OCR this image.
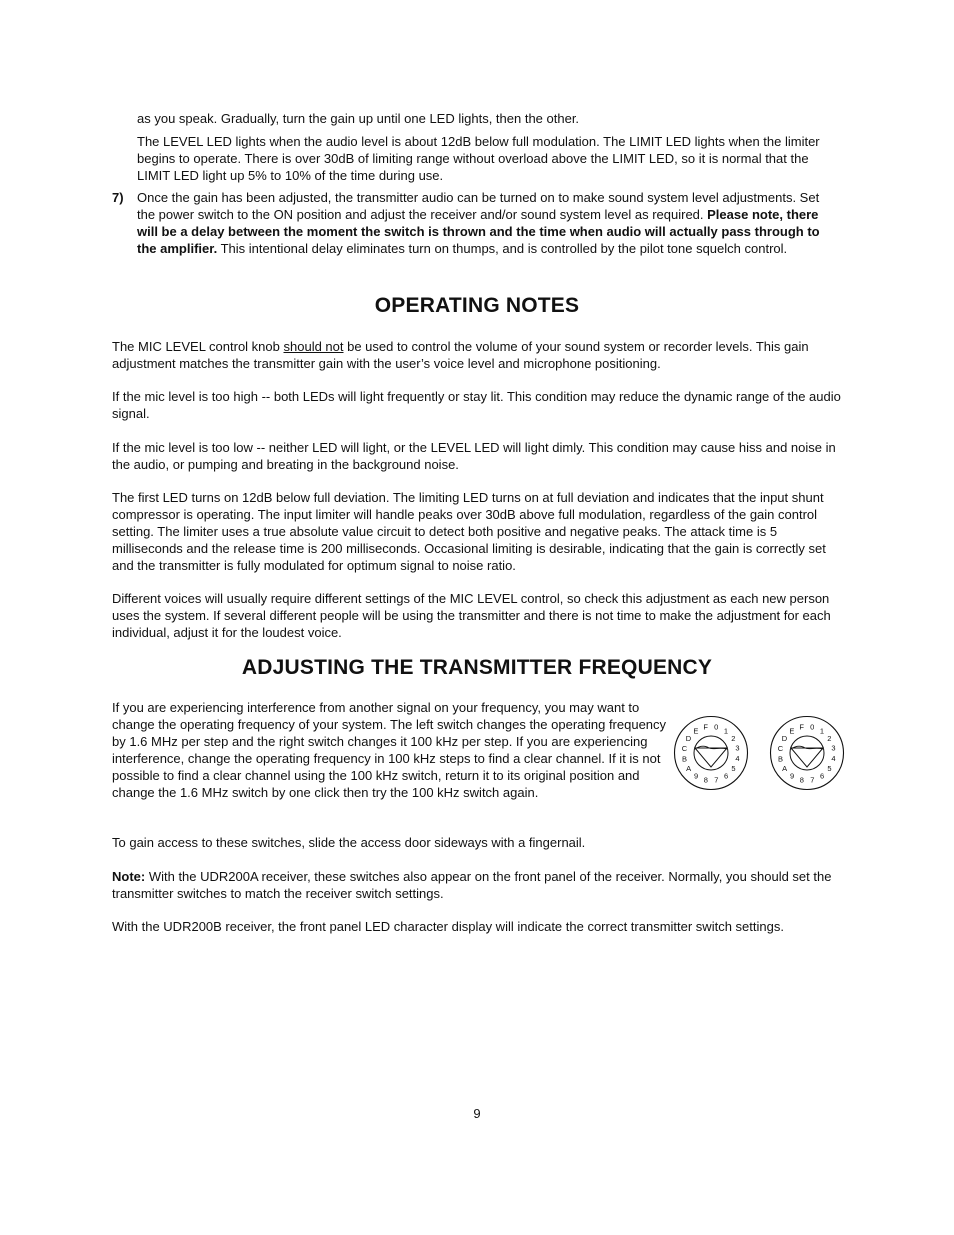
as you speak. Gradually, turn the gain up until one LED lights, then the other.

The LEVEL LED lights when the audio level is about 12dB below full modulation. The LIMIT LED lights when the limiter begins to operate. There is over 30dB of limiting range without overload above the LIMIT LED, so it is normal that the LIMIT LED light up 5% to 10% of the time during use.

7) Once the gain has been adjusted, the transmitter audio can be turned on to make sound system level adjustments. Set the power switch to the ON position and adjust the receiver and/or sound system level as required. Please note, there will be a delay between the moment the switch is thrown and the time when audio will actually pass through to the amplifier. This intentional delay eliminates turn on thumps, and is controlled by the pilot tone squelch control.

OPERATING NOTES

The MIC LEVEL control knob should not be used to control the volume of your sound system or recorder levels. This gain adjustment matches the transmitter gain with the user’s voice level and microphone positioning.

If the mic level is too high -- both LEDs will light frequently or stay lit. This condition may reduce the dynamic range of the audio signal.

If the mic level is too low -- neither LED will light, or the LEVEL LED will light dimly. This condition may cause hiss and noise in the audio, or pumping and breating in the background noise.

The first LED turns on 12dB below full deviation. The limiting LED turns on at full deviation and indicates that the input shunt compressor is operating. The input limiter will handle peaks over 30dB above full modulation, regardless of the gain control setting. The limiter uses a true absolute value circuit to detect both positive and negative peaks. The attack time is 5 milliseconds and the release time is 200 milliseconds. Occasional limiting is desirable, indicating that the gain is correctly set and the transmitter is fully modulated for optimum signal to noise ratio.

Different voices will usually require different settings of the MIC LEVEL control, so check this adjustment as each new person uses the system. If several different people will be using the transmitter and there is not time to make the adjustment for each individual, adjust it for the loudest voice.

ADJUSTING THE TRANSMITTER FREQUENCY

If you are experiencing interference from another signal on your frequency, you may want to change the operating frequency of your system. The left switch changes the operating frequency by 1.6 MHz per step and the right switch changes it 100 kHz per step. If you are experiencing interference, change the operating frequency in 100 kHz steps to find a clear channel. If it is not possible to find a clear channel using the 100 kHz switch, return it to its original position and change the 1.6 MHz switch by one click then try the 100 kHz switch again.

0 1
2
3
4
5
6
7
8
9
A
B
C
D
E F	0 1
2
3
4
5
6
7
8
9
A
B
C
D
E F

To gain access to these switches, slide the access door sideways with a fingernail.

Note: With the UDR200A receiver, these switches also appear on the front panel of the receiver. Normally, you should set the transmitter switches to match the receiver switch settings.

With the UDR200B receiver, the front panel LED character display will indicate the correct transmitter switch settings.

9
